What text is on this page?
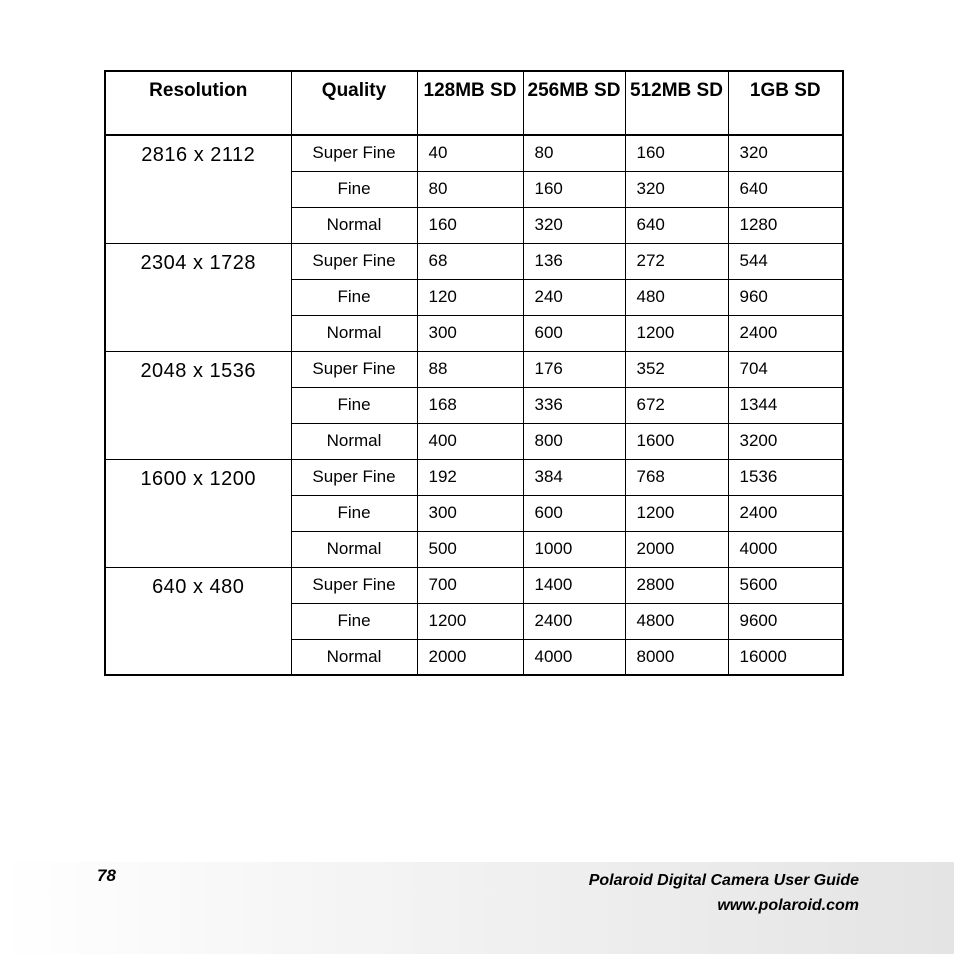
Resolution	Quality	128MB SD	256MB SD	512MB SD	1GB SD
2816 x 2112	Super Fine	40	80	160	320
	Fine	80	160	320	640
	Normal	160	320	640	1280
2304 x 1728	Super Fine	68	136	272	544
	Fine	120	240	480	960
	Normal	300	600	1200	2400
2048 x 1536	Super Fine	88	176	352	704
	Fine	168	336	672	1344
	Normal	400	800	1600	3200
1600 x 1200	Super Fine	192	384	768	1536
	Fine	300	600	1200	2400
	Normal	500	1000	2000	4000
640 x 480	Super Fine	700	1400	2800	5600
	Fine	1200	2400	4800	9600
	Normal	2000	4000	8000	16000
78	Polaroid Digital Camera User Guide
www.polaroid.com
